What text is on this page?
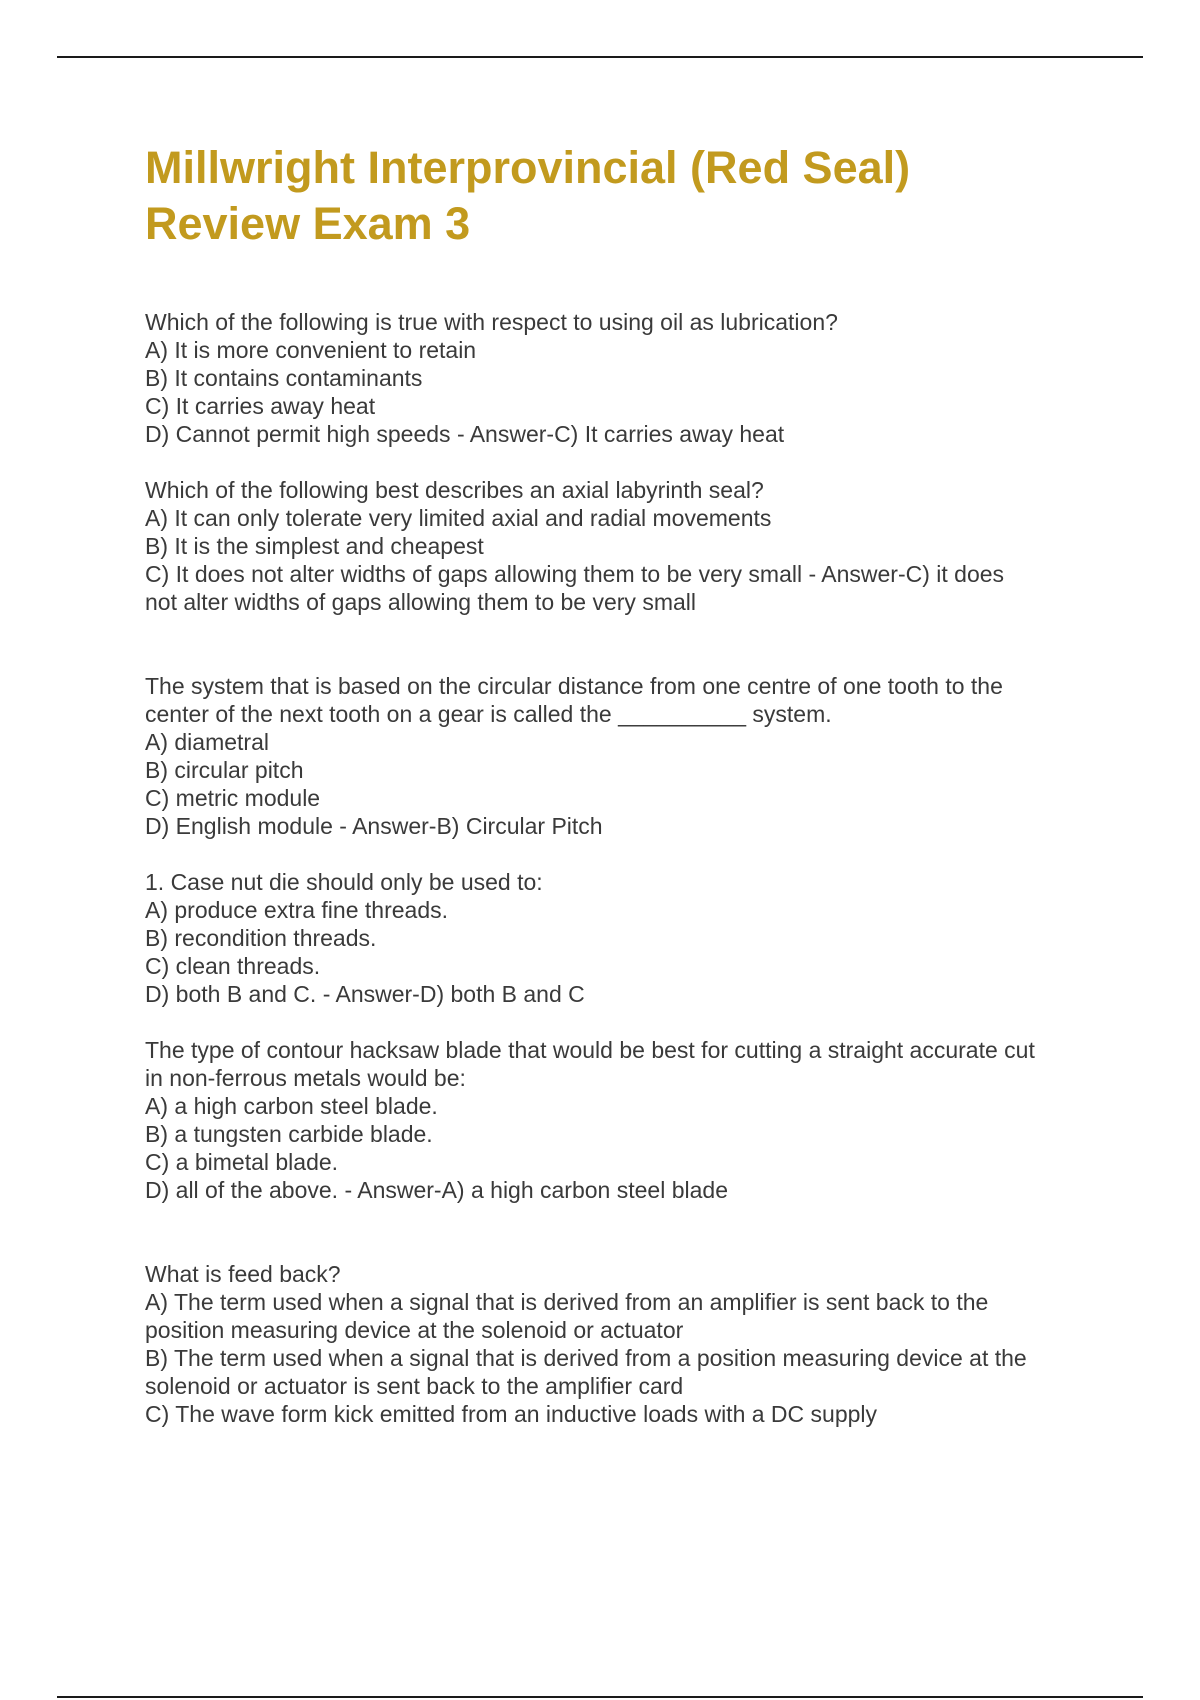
Millwright Interprovincial (Red Seal)
Review Exam 3
Which of the following is true with respect to using oil as lubrication?
A) It is more convenient to retain
B) It contains contaminants
C) It carries away heat
D) Cannot permit high speeds - Answer-C) It carries away heat
Which of the following best describes an axial labyrinth seal?
A) It can only tolerate very limited axial and radial movements
B) It is the simplest and cheapest
C) It does not alter widths of gaps allowing them to be very small - Answer-C) it does
not alter widths of gaps allowing them to be very small
The system that is based on the circular distance from one centre of one tooth to the
center of the next tooth on a gear is called the __________ system.
A) diametral
B) circular pitch
C) metric module
D) English module - Answer-B) Circular Pitch
1. Case nut die should only be used to:
A) produce extra fine threads.
B) recondition threads.
C) clean threads.
D) both B and C. - Answer-D) both B and C
The type of contour hacksaw blade that would be best for cutting a straight accurate cut
in non-ferrous metals would be:
A) a high carbon steel blade.
B) a tungsten carbide blade.
C) a bimetal blade.
D) all of the above. - Answer-A) a high carbon steel blade
What is feed back?
A) The term used when a signal that is derived from an amplifier is sent back to the
position measuring device at the solenoid or actuator
B) The term used when a signal that is derived from a position measuring device at the
solenoid or actuator is sent back to the amplifier card
C) The wave form kick emitted from an inductive loads with a DC supply
